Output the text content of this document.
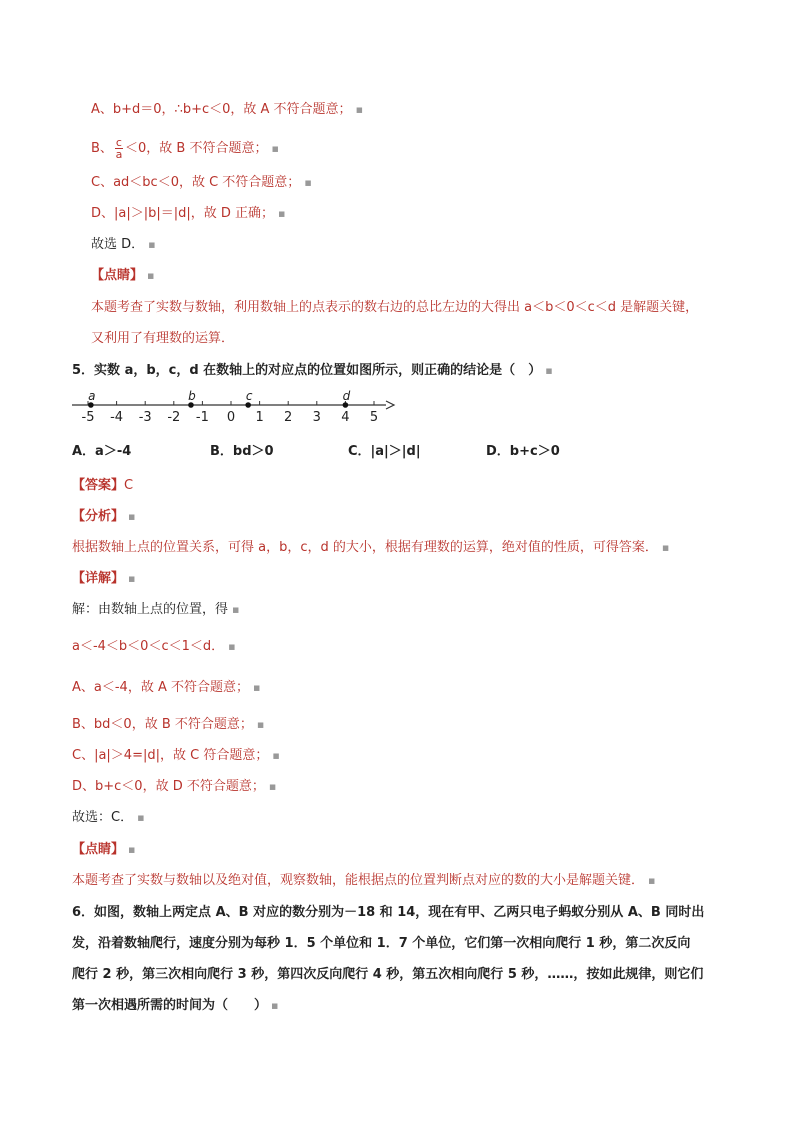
A、b+d＝0，∴b+c＜0，故 A 不符合题意； ▪
B、 $\frac{c}{a} <0$，故 B 不符合题意； ▪
C、ad＜bc＜0，故 C 不符合题意； ▪
D、|a|＞|b|＝|d|，故 D 正确； ▪
故选 D． ▪
【点睛】 ▪
本题考查了实数与数轴，利用数轴上的点表示的数右边的总比左边的大得出 a＜b＜0＜c＜d 是解题关键，
又利用了有理数的运算．
5．实数 a，b，c，d 在数轴上的对应点的位置如图所示，则正确的结论是（　） ▪
-5 -4 -3 -2 -1 0 1 2 3 4 5
a	b	c	d
A．a＞-4	B．bd＞0	C．|a|＞|d|	D．b+c＞0
【答案】C
【分析】 ▪
根据数轴上点的位置关系，可得 a，b，c，d 的大小，根据有理数的运算，绝对值的性质，可得答案． ▪
【详解】 ▪
解：由数轴上点的位置，得 ▪
a＜-4＜b＜0＜c＜1＜d． ▪
A、a＜-4，故 A 不符合题意； ▪
B、bd＜0，故 B 不符合题意； ▪
C、|a|＞4=|d|，故 C 符合题意； ▪
D、b+c＜0，故 D 不符合题意； ▪
故选：C． ▪
【点睛】 ▪
本题考查了实数与数轴以及绝对值，观察数轴，能根据点的位置判断点对应的数的大小是解题关键． ▪
6．如图，数轴上两定点 A、B 对应的数分别为－18 和 14，现在有甲、乙两只电子蚂蚁分别从 A、B 同时出
发，沿着数轴爬行，速度分别为每秒 1．5 个单位和 1．7 个单位，它们第一次相向爬行 1 秒，第二次反向
爬行 2 秒，第三次相向爬行 3 秒，第四次反向爬行 4 秒，第五次相向爬行 5 秒，……，按如此规律，则它们
第一次相遇所需的时间为（　　） ▪
